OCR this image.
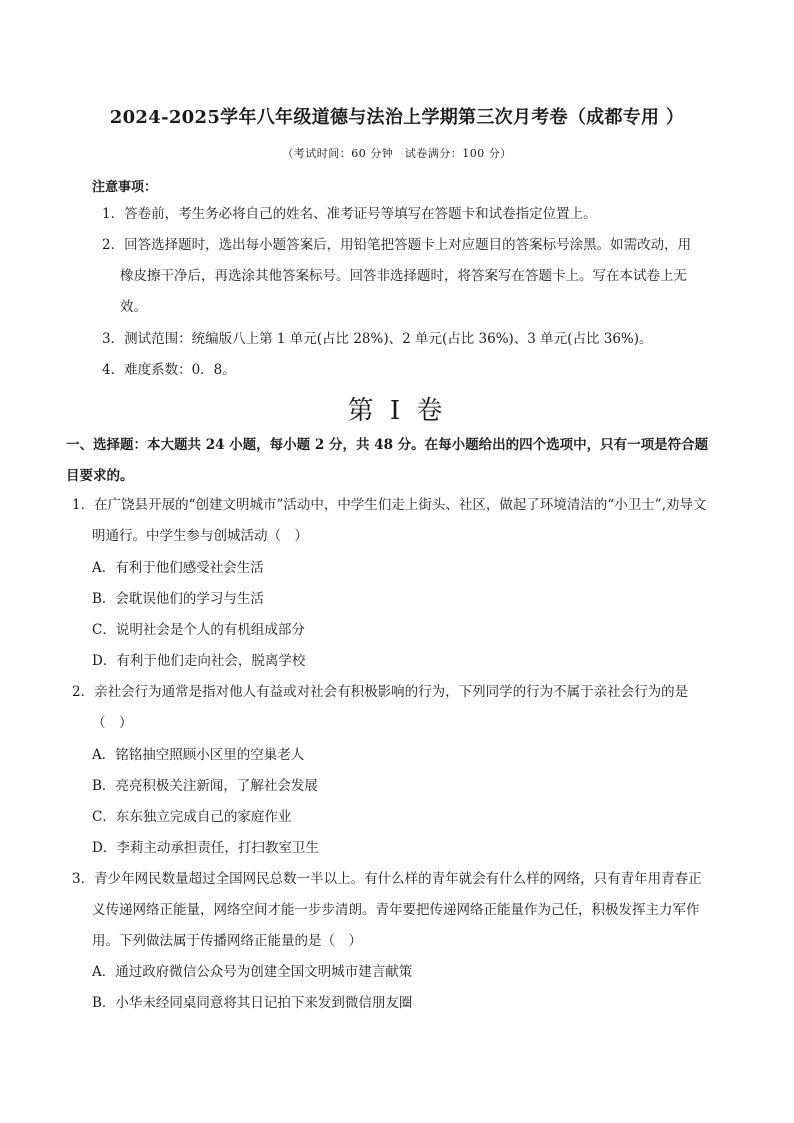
2024-2025学年八年级道德与法治上学期第三次月考卷（成都专用 ）
（考试时间：60 分钟　试卷满分：100 分）
注意事项：
1．答卷前，考生务必将自己的姓名、准考证号等填写在答题卡和试卷指定位置上。
2．回答选择题时，选出每小题答案后，用铅笔把答题卡上对应题目的答案标号涂黑。如需改动，用
橡皮擦干净后，再选涂其他答案标号。回答非选择题时，将答案写在答题卡上。写在本试卷上无
效。
3．测试范围：统编版八上第 1 单元(占比 28%)、2 单元(占比 36%)、3 单元(占比 36%)。
4．难度系数：0．8。
第 I 卷
一、选择题：本大题共 24 小题，每小题 2 分，共 48 分。在每小题给出的四个选项中，只有一项是符合题
目要求的。
1．在广饶县开展的“创建文明城市”活动中，中学生们走上街头、社区，做起了环境清洁的“小卫士”,劝导文
明通行。中学生参与创城活动（　）
A．有利于他们感受社会生活
B．会耽误他们的学习与生活
C．说明社会是个人的有机组成部分
D．有利于他们走向社会，脱离学校
2．亲社会行为通常是指对他人有益或对社会有积极影响的行为，下列同学的行为不属于亲社会行为的是
（　）
A．铭铭抽空照顾小区里的空巢老人
B．亮亮积极关注新闻，了解社会发展
C．东东独立完成自己的家庭作业
D．李莉主动承担责任，打扫教室卫生
3．青少年网民数量超过全国网民总数一半以上。有什么样的青年就会有什么样的网络，只有青年用青春正
义传递网络正能量，网络空间才能一步步清朗。青年要把传递网络正能量作为己任，积极发挥主力军作
用。下列做法属于传播网络正能量的是（　）
A．通过政府微信公众号为创建全国文明城市建言献策
B．小华未经同桌同意将其日记拍下来发到微信朋友圈
